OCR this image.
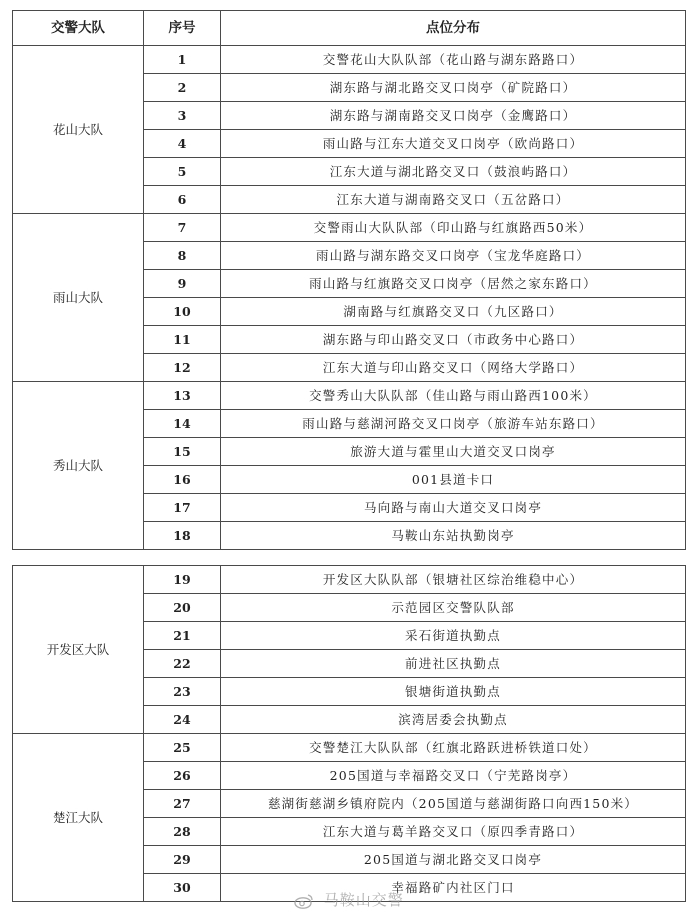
交警大队	序号	点位分布
花山大队	1	交警花山大队队部（花山路与湖东路路口）
	2	湖东路与湖北路交叉口岗亭（矿院路口）
	3	湖东路与湖南路交叉口岗亭（金鹰路口）
	4	雨山路与江东大道交叉口岗亭（欧尚路口）
	5	江东大道与湖北路交叉口（鼓浪屿路口）
	6	江东大道与湖南路交叉口（五岔路口）
雨山大队	7	交警雨山大队队部（印山路与红旗路西50米）
	8	雨山路与湖东路交叉口岗亭（宝龙华庭路口）
	9	雨山路与红旗路交叉口岗亭（居然之家东路口）
	10	湖南路与红旗路交叉口（九区路口）
	11	湖东路与印山路交叉口（市政务中心路口）
	12	江东大道与印山路交叉口（网络大学路口）
秀山大队	13	交警秀山大队队部（佳山路与雨山路西100米）
	14	雨山路与慈湖河路交叉口岗亭（旅游车站东路口）
	15	旅游大道与霍里山大道交叉口岗亭
	16	001县道卡口
	17	马向路与南山大道交叉口岗亭
	18	马鞍山东站执勤岗亭
开发区大队	19	开发区大队队部（银塘社区综治维稳中心）
	20	示范园区交警队队部
	21	采石街道执勤点
	22	前进社区执勤点
	23	银塘街道执勤点
	24	滨湾居委会执勤点
楚江大队	25	交警楚江大队队部（红旗北路跃进桥铁道口处）
	26	205国道与幸福路交叉口（宁芜路岗亭）
	27	慈湖街慈湖乡镇府院内（205国道与慈湖街路口向西150米）
	28	江东大道与葛羊路交叉口（原四季青路口）
	29	205国道与湖北路交叉口岗亭
	30	幸福路矿内社区门口
马鞍山交警
